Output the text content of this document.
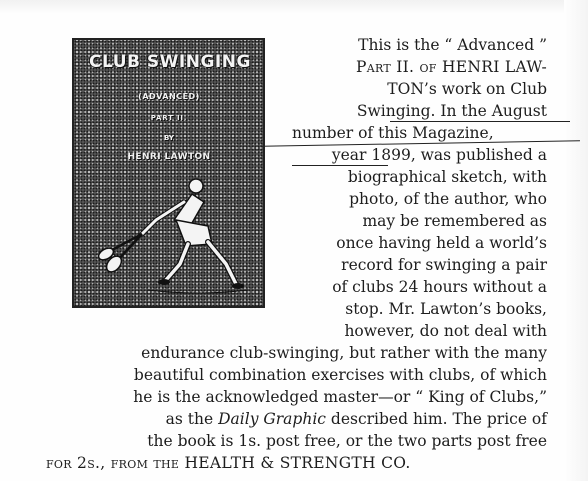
CLUB SWINGING
(ADVANCED)
PART II.
BY
HENRI LAWTON
This is the “ Advanced ”
Part II. of HENRI LAW-
TON’s work on Club
Swinging. In the August
number of this Magazine,
year 1899, was published a
biographical sketch, with
photo, of the author, who
may be remembered as
once having held a world’s
record for swinging a pair
of clubs 24 hours without a
stop. Mr. Lawton’s books,
however, do not deal with
endurance club-swinging, but rather with the many
beautiful combination exercises with clubs, of which
he is the acknowledged master—or “ King of Clubs,”
as the Daily Graphic described him. The price of
the book is 1s. post free, or the two parts post free
for 2s., from the HEALTH & STRENGTH CO.
